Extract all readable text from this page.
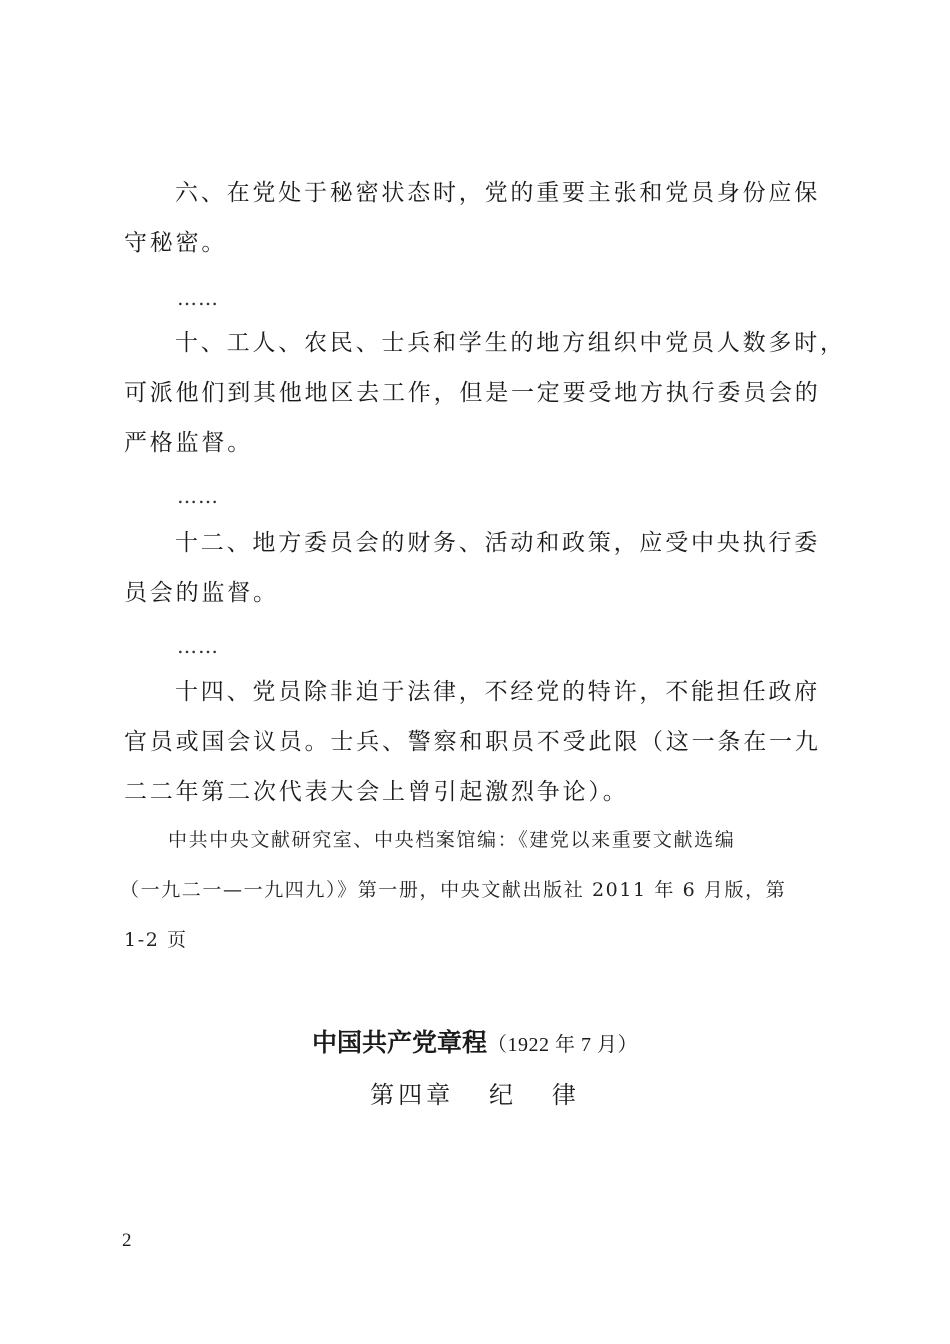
六、在党处于秘密状态时，党的重要主张和党员身份应保
守秘密。
……
十、工人、农民、士兵和学生的地方组织中党员人数多时，
可派他们到其他地区去工作，但是一定要受地方执行委员会的
严格监督。
……
十二、地方委员会的财务、活动和政策，应受中央执行委
员会的监督。
……
十四、党员除非迫于法律，不经党的特许，不能担任政府
官员或国会议员。士兵、警察和职员不受此限（这一条在一九
二二年第二次代表大会上曾引起激烈争论）。
中共中央文献研究室、中央档案馆编：《建党以来重要文献选编
（一九二一—一九四九）》第一册，中央文献出版社 2011 年 6 月版，第
1-2 页
中国共产党章程（1922 年 7 月）
第四章   纪   律
2
